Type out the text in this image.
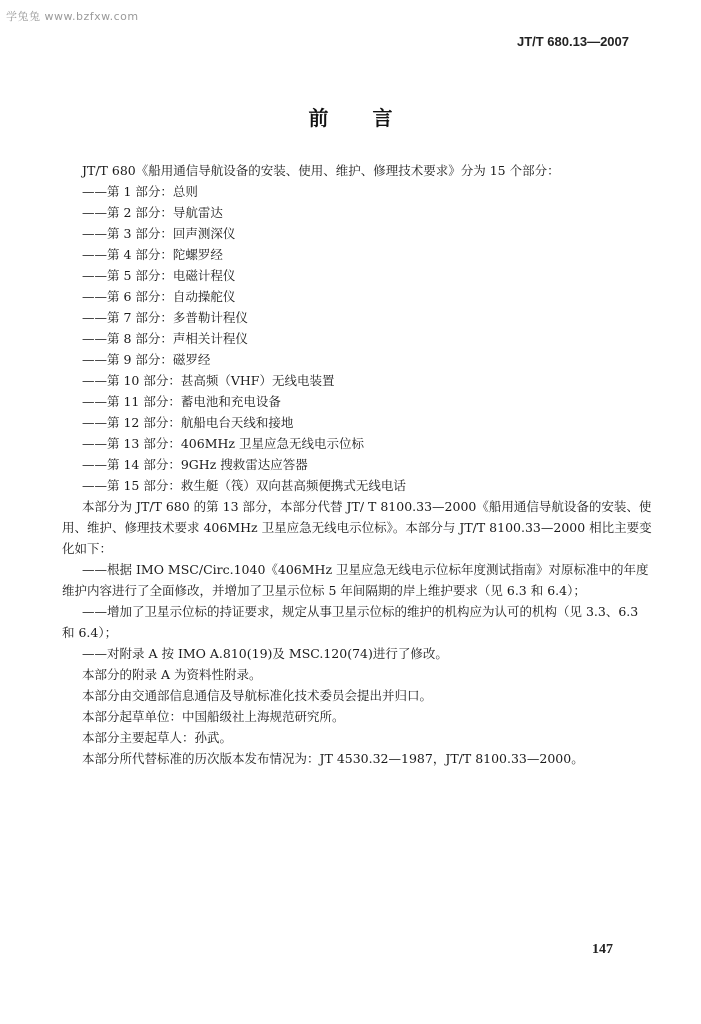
学兔兔 www.bzfxw.com
JT/T 680.13—2007
前言

JT/T 680《船用通信导航设备的安装、使用、维护、修理技术要求》分为 15 个部分：

——第 1 部分：总则
——第 2 部分：导航雷达
——第 3 部分：回声测深仪
——第 4 部分：陀螺罗经
——第 5 部分：电磁计程仪
——第 6 部分：自动操舵仪
——第 7 部分：多普勒计程仪
——第 8 部分：声相关计程仪
——第 9 部分：磁罗经
——第 10 部分：甚高频（VHF）无线电装置
——第 11 部分：蓄电池和充电设备
——第 12 部分：航船电台天线和接地
——第 13 部分：406MHz 卫星应急无线电示位标
——第 14 部分：9GHz 搜救雷达应答器
——第 15 部分：救生艇（筏）双向甚高频便携式无线电话

本部分为 JT/T 680 的第 13 部分，本部分代替 JT/ T 8100.33—2000《船用通信导航设备的安装、使用、维护、修理技术要求 406MHz 卫星应急无线电示位标》。本部分与 JT/T 8100.33—2000 相比主要变化如下：

——根据 IMO MSC/Circ.1040《406MHz 卫星应急无线电示位标年度测试指南》对原标准中的年度维护内容进行了全面修改，并增加了卫星示位标 5 年间隔期的岸上维护要求（见 6.3 和 6.4）；

——增加了卫星示位标的持证要求，规定从事卫星示位标的维护的机构应为认可的机构（见 3.3、6.3 和 6.4）；

——对附录 A 按 IMO A.810(19)及 MSC.120(74)进行了修改。

本部分的附录 A 为资料性附录。

本部分由交通部信息通信及导航标准化技术委员会提出并归口。

本部分起草单位：中国船级社上海规范研究所。

本部分主要起草人：孙武。

本部分所代替标准的历次版本发布情况为：JT 4530.32—1987，JT/T 8100.33—2000。

147
